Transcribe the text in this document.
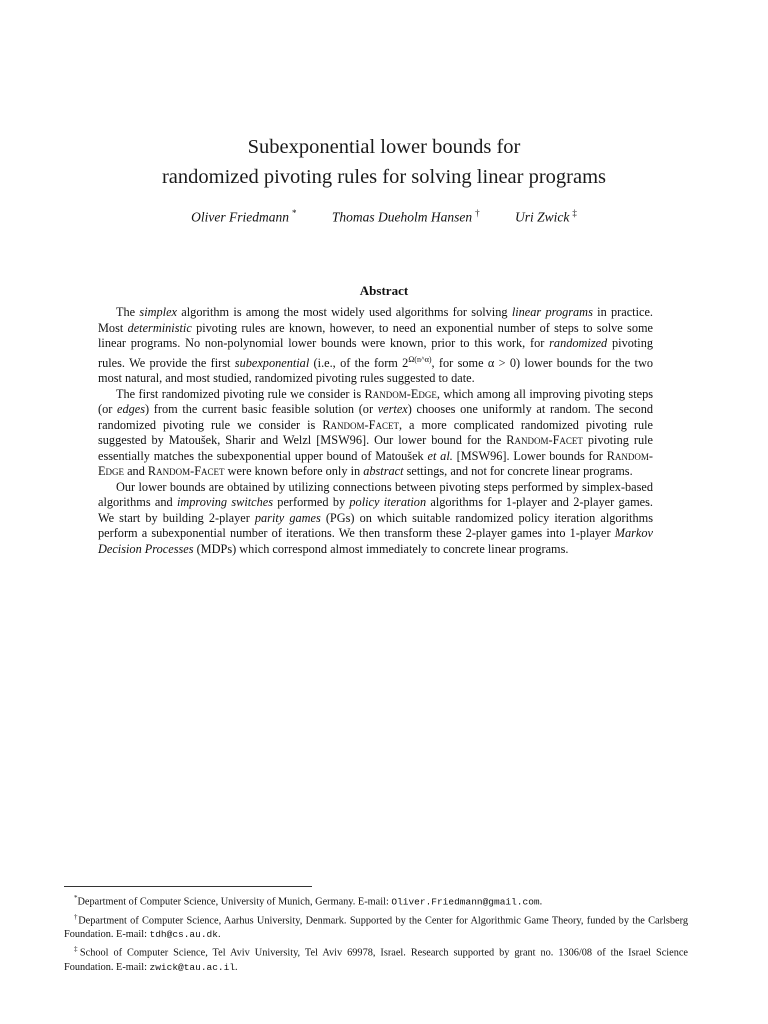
Subexponential lower bounds for
randomized pivoting rules for solving linear programs
Oliver Friedmann *	Thomas Dueholm Hansen †	Uri Zwick ‡
Abstract

The simplex algorithm is among the most widely used algorithms for solving linear programs in practice. Most deterministic pivoting rules are known, however, to need an exponential number of steps to solve some linear programs. No non-polynomial lower bounds were known, prior to this work, for randomized pivoting rules. We provide the first subexponential (i.e., of the form $2^{\Omega(n\^{}\alpha)}$, for some α > 0) lower bounds for the two most natural, and most studied, randomized pivoting rules suggested to date.

The first randomized pivoting rule we consider is Random-Edge, which among all improving pivoting steps (or edges) from the current basic feasible solution (or vertex) chooses one uniformly at random. The second randomized pivoting rule we consider is Random-Facet, a more complicated randomized pivoting rule suggested by Matoušek, Sharir and Welzl [MSW96]. Our lower bound for the Random-Facet pivoting rule essentially matches the subexponential upper bound of Matoušek et al. [MSW96]. Lower bounds for Random-Edge and Random-Facet were known before only in abstract settings, and not for concrete linear programs.

Our lower bounds are obtained by utilizing connections between pivoting steps performed by simplex-based algorithms and improving switches performed by policy iteration algorithms for 1-player and 2-player games. We start by building 2-player parity games (PGs) on which suitable randomized policy iteration algorithms perform a subexponential number of iterations. We then transform these 2-player games into 1-player Markov Decision Processes (MDPs) which correspond almost immediately to concrete linear programs.

*Department of Computer Science, University of Munich, Germany. E-mail: Oliver.Friedmann@gmail.com.

†Department of Computer Science, Aarhus University, Denmark. Supported by the Center for Algorithmic Game Theory, funded by the Carlsberg Foundation. E-mail: tdh@cs.au.dk.

‡School of Computer Science, Tel Aviv University, Tel Aviv 69978, Israel. Research supported by grant no. 1306/08 of the Israel Science Foundation. E-mail: zwick@tau.ac.il.
